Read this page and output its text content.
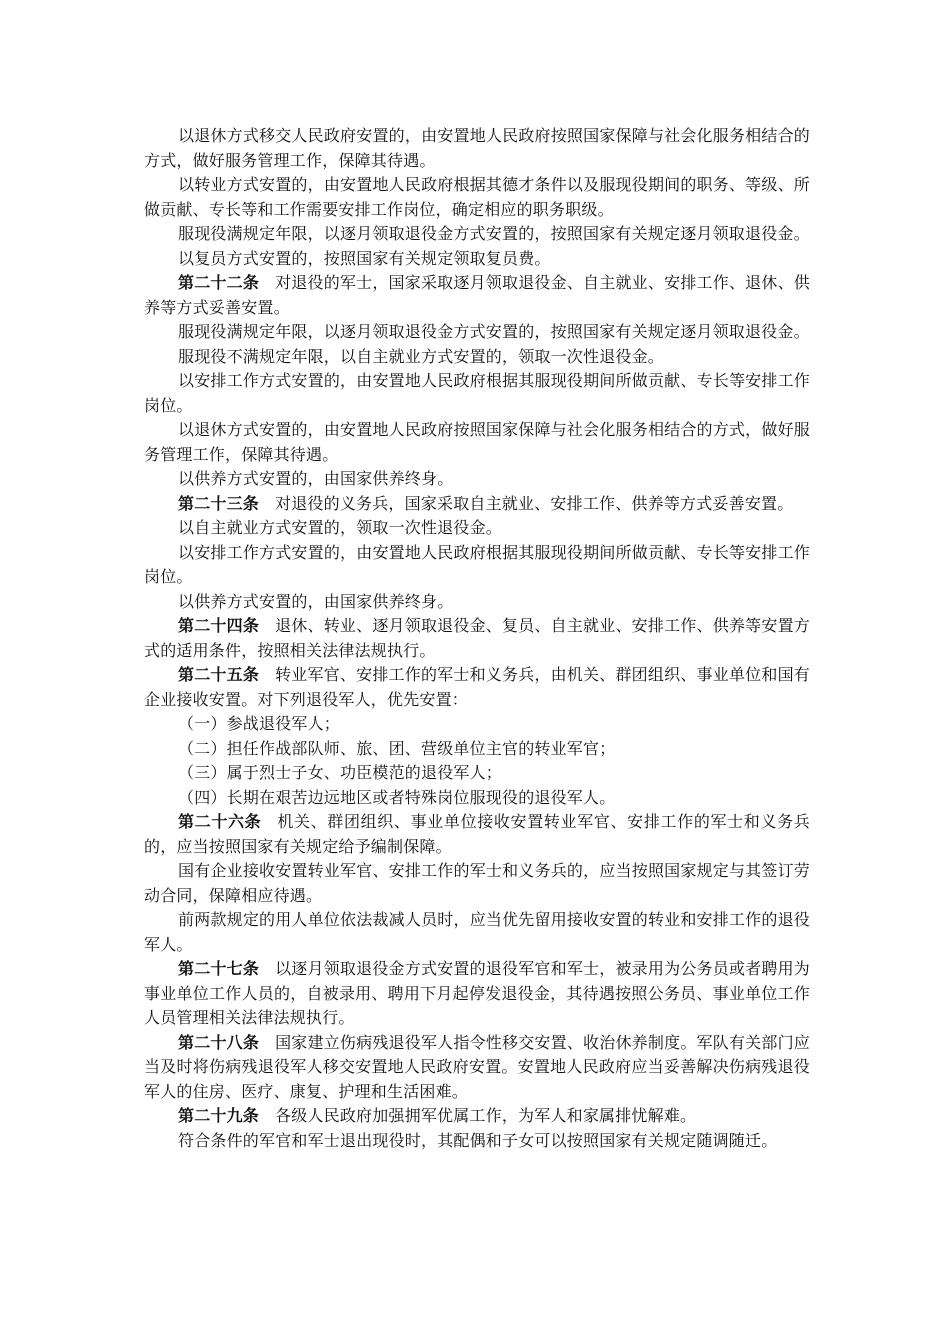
以退休方式移交人民政府安置的，由安置地人民政府按照国家保障与社会化服务相结合的方式，做好服务管理工作，保障其待遇。

以转业方式安置的，由安置地人民政府根据其德才条件以及服现役期间的职务、等级、所做贡献、专长等和工作需要安排工作岗位，确定相应的职务职级。

服现役满规定年限，以逐月领取退役金方式安置的，按照国家有关规定逐月领取退役金。

以复员方式安置的，按照国家有关规定领取复员费。

第二十二条 对退役的军士，国家采取逐月领取退役金、自主就业、安排工作、退休、供养等方式妥善安置。

服现役满规定年限，以逐月领取退役金方式安置的，按照国家有关规定逐月领取退役金。

服现役不满规定年限，以自主就业方式安置的，领取一次性退役金。

以安排工作方式安置的，由安置地人民政府根据其服现役期间所做贡献、专长等安排工作岗位。

以退休方式安置的，由安置地人民政府按照国家保障与社会化服务相结合的方式，做好服务管理工作，保障其待遇。

以供养方式安置的，由国家供养终身。

第二十三条 对退役的义务兵，国家采取自主就业、安排工作、供养等方式妥善安置。

以自主就业方式安置的，领取一次性退役金。

以安排工作方式安置的，由安置地人民政府根据其服现役期间所做贡献、专长等安排工作岗位。

以供养方式安置的，由国家供养终身。

第二十四条 退休、转业、逐月领取退役金、复员、自主就业、安排工作、供养等安置方式的适用条件，按照相关法律法规执行。

第二十五条 转业军官、安排工作的军士和义务兵，由机关、群团组织、事业单位和国有企业接收安置。对下列退役军人，优先安置：

（一）参战退役军人；

（二）担任作战部队师、旅、团、营级单位主官的转业军官；

（三）属于烈士子女、功臣模范的退役军人；

（四）长期在艰苦边远地区或者特殊岗位服现役的退役军人。

第二十六条 机关、群团组织、事业单位接收安置转业军官、安排工作的军士和义务兵的，应当按照国家有关规定给予编制保障。

国有企业接收安置转业军官、安排工作的军士和义务兵的，应当按照国家规定与其签订劳动合同，保障相应待遇。

前两款规定的用人单位依法裁减人员时，应当优先留用接收安置的转业和安排工作的退役军人。

第二十七条 以逐月领取退役金方式安置的退役军官和军士，被录用为公务员或者聘用为事业单位工作人员的，自被录用、聘用下月起停发退役金，其待遇按照公务员、事业单位工作人员管理相关法律法规执行。

第二十八条 国家建立伤病残退役军人指令性移交安置、收治休养制度。军队有关部门应当及时将伤病残退役军人移交安置地人民政府安置。安置地人民政府应当妥善解决伤病残退役军人的住房、医疗、康复、护理和生活困难。

第二十九条 各级人民政府加强拥军优属工作，为军人和家属排忧解难。

符合条件的军官和军士退出现役时，其配偶和子女可以按照国家有关规定随调随迁。
